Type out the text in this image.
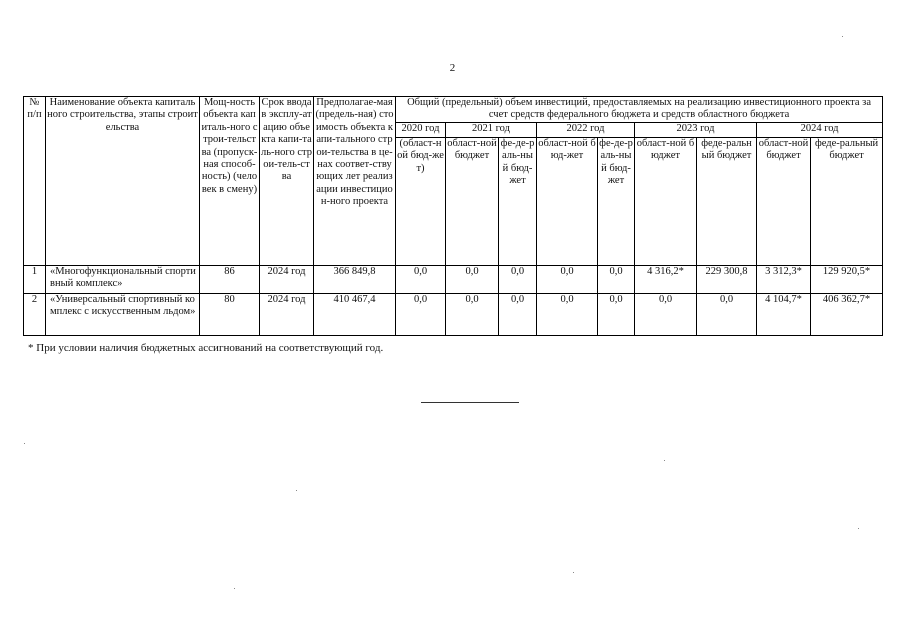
2
№ п/п	Наименование объекта капитального строительства, этапы строительства	Мощ-ность объекта капиталь-ного строи-тельства (пропуск-ная способ-ность) (человек в смену)	Срок ввода в эксплу-атацию объекта капи-таль-ного строи-тель-ства	Предполагае-мая (предель-ная) стоимость объекта капи-тального строи-тельства в це-нах соответ-ствующих лет реализации инвестицион-ного проекта	Общий (предельный) объем инвестиций, предоставляемых на реализацию инвестиционного проекта за счет средств федерального бюджета и средств областного бюджета								
					2020 год	2021 год		2022 год		2023 год		2024 год	
					(област-ной бюд-жет)	област-ной бюджет	фе-де-раль-ный бюд-жет	област-ной бюд-жет	фе-де-раль-ный бюд-жет	област-ной бюджет	феде-ральный бюджет	област-ной бюджет	феде-ральный бюджет
1	«Многофункциональный спортивный комплекс»	86	2024 год	366 849,8	0,0	0,0	0,0	0,0	0,0	4 316,2*	229 300,8	3 312,3*	129 920,5*
2	«Универсальный спортивный комплекс с искусственным льдом»	80	2024 год	410 467,4	0,0	0,0	0,0	0,0	0,0	0,0	0,0	4 104,7*	406 362,7*
* При условии наличия бюджетных ассигнований на соответствующий год.
